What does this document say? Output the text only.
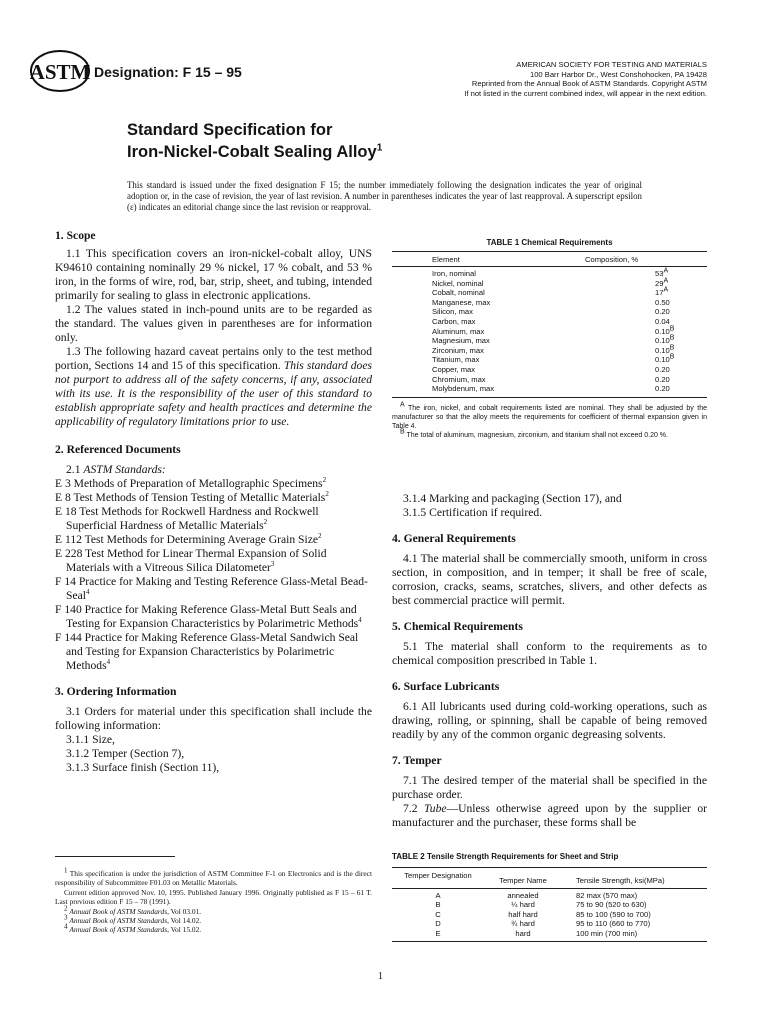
ASTM Designation: F 15 – 95	AMERICAN SOCIETY FOR TESTING AND MATERIALS
100 Barr Harbor Dr., West Conshohocken, PA 19428
Reprinted from the Annual Book of ASTM Standards. Copyright ASTM
If not listed in the current combined index, will appear in the next edition.
Standard Specification for
Iron-Nickel-Cobalt Sealing Alloy$^1$
This standard is issued under the fixed designation F 15; the number immediately following the designation indicates the year of original adoption or, in the case of revision, the year of last revision. A number in parentheses indicates the year of last reapproval. A superscript epsilon (ε) indicates an editorial change since the last revision or reapproval.
1. Scope

1.1 This specification covers an iron-nickel-cobalt alloy, UNS K94610 containing nominally 29 % nickel, 17 % cobalt, and 53 % iron, in the forms of wire, rod, bar, strip, sheet, and tubing, intended primarily for sealing to glass in electronic applications.

1.2 The values stated in inch-pound units are to be regarded as the standard. The values given in parentheses are for information only.

1.3 The following hazard caveat pertains only to the test method portion, Sections 14 and 15 of this specification. This standard does not purport to address all of the safety concerns, if any, associated with its use. It is the responsibility of the user of this standard to establish appropriate safety and health practices and determine the applicability of regulatory limitations prior to use.

2. Referenced Documents

2.1 ASTM Standards:

E 3 Methods of Preparation of Metallographic Specimens$^2$

E 8 Test Methods of Tension Testing of Metallic Materials$^2$

E 18 Test Methods for Rockwell Hardness and Rockwell Superficial Hardness of Metallic Materials$^2$

E 112 Test Methods for Determining Average Grain Size$^2$

E 228 Test Method for Linear Thermal Expansion of Solid Materials with a Vitreous Silica Dilatometer$^3$

F 14 Practice for Making and Testing Reference Glass-Metal Bead-Seal$^4$

F 140 Practice for Making Reference Glass-Metal Butt Seals and Testing for Expansion Characteristics by Polarimetric Methods$^4$

F 144 Practice for Making Reference Glass-Metal Sandwich Seal and Testing for Expansion Characteristics by Polarimetric Methods$^4$

3. Ordering Information

3.1 Orders for material under this specification shall include the following information:

3.1.1 Size,

3.1.2 Temper (Section 7),

3.1.3 Surface finish (Section 11),

TABLE 1 Chemical Requirements
Element	Composition, %
Iron, nominal	$53^A$
Nickel, nominal	$29^A$
Cobalt, nominal	$17^A$
Manganese, max	0.50
Silicon, max	0.20
Carbon, max	0.04
Aluminum, max	$0.10^B$
Magnesium, max	$0.10^B$
Zirconium, max	$0.10^B$
Titanium, max	$0.10^B$
Copper, max	0.20
Chromium, max	0.20
Molybdenum, max	0.20
$^A$ The iron, nickel, and cobalt requirements listed are nominal. They shall be adjusted by the manufacturer so that the alloy meets the requirements for coefficient of thermal expansion given in Table 4.
$^B$ The total of aluminum, magnesium, zirconium, and titanium shall not exceed 0.20 %.

3.1.4 Marking and packaging (Section 17), and

3.1.5 Certification if required.

4. General Requirements

4.1 The material shall be commercially smooth, uniform in cross section, in composition, and in temper; it shall be free of scale, corrosion, cracks, seams, scratches, slivers, and other defects as best commercial practice will permit.

5. Chemical Requirements

5.1 The material shall conform to the requirements as to chemical composition prescribed in Table 1.

6. Surface Lubricants

6.1 All lubricants used during cold-working operations, such as drawing, rolling, or spinning, shall be capable of being removed readily by any of the common organic degreasing solvents.

7. Temper

7.1 The desired temper of the material shall be specified in the purchase order.

7.2 Tube—Unless otherwise agreed upon by the supplier or manufacturer and the purchaser, these forms shall be

TABLE 2 Tensile Strength Requirements for Sheet and Strip
Temper Designation
Temper Name	Tensile Strength, ksi(MPa)
A	annealed	82 max (570 max)
B	¼ hard	75 to 90 (520 to 630)
C	half hard	85 to 100 (590 to 700)
D	¾ hard	95 to 110 (660 to 770)
E	hard	100 min (700 min)
$^1$ This specification is under the jurisdiction of ASTM Committee F-1 on Electronics and is the direct responsibility of Subcommittee F01.03 on Metallic Materials.
Current edition approved Nov. 10, 1995. Published January 1996. Originally published as F 15 – 61 T. Last previous edition F 15 – 78 (1991).
$^2$ Annual Book of ASTM Standards, Vol 03.01.
$^3$ Annual Book of ASTM Standards, Vol 14.02.
$^4$ Annual Book of ASTM Standards, Vol 15.02.
1
